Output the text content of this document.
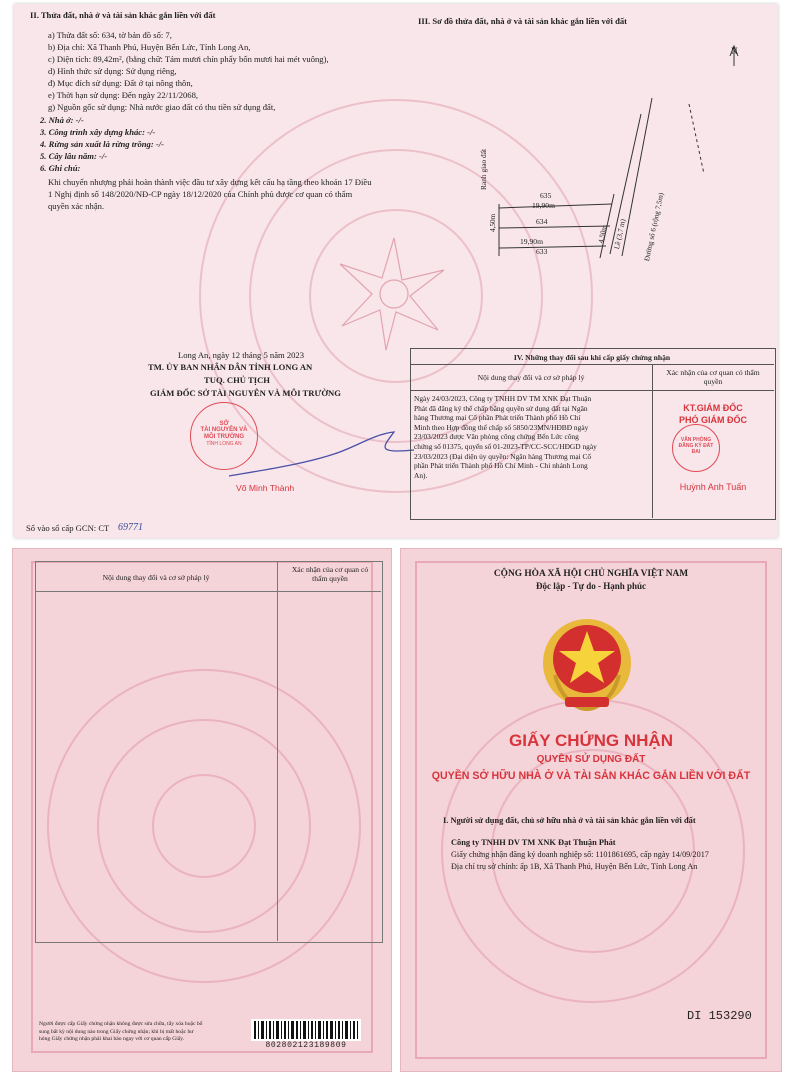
II. Thửa đất, nhà ở và tài sản khác gắn liền với đất
a) Thửa đất số: 634, tờ bản đồ số: 7,
b) Địa chỉ: Xã Thanh Phú, Huyện Bến Lức, Tỉnh Long An,
c) Diện tích: 89,42m², (bằng chữ: Tám mươi chín phẩy bốn mươi hai mét vuông),
d) Hình thức sử dụng: Sử dụng riêng,
đ) Mục đích sử dụng: Đất ở tại nông thôn,
e) Thời hạn sử dụng: Đến ngày 22/11/2068,
g) Nguồn gốc sử dụng: Nhà nước giao đất có thu tiền sử dụng đất,
2. Nhà ở: -/-
3. Công trình xây dựng khác: -/-
4. Rừng sản xuất là rừng trồng: -/-
5. Cây lâu năm: -/-
6. Ghi chú:
Khi chuyển nhượng phải hoàn thành việc đầu tư xây dựng kết cấu hạ tầng theo khoản 17 Điều
1 Nghị định số 148/2020/NĐ-CP ngày 18/12/2020 của Chính phủ được cơ quan có thẩm
quyền xác nhận.
III. Sơ đồ thửa đất, nhà ở và tài sản khác gắn liền với đất
N
Ranh giao đất
635
19,90m
634
19,90m
633
4,50m
4,50m Lề (3,7 m) Đường số 6 (rộng 7,5m)
Long An, ngày 12 tháng 5 năm 2023
TM. ỦY BAN NHÂN DÂN TỈNH LONG AN
TUQ. CHỦ TỊCH
GIÁM ĐỐC SỞ TÀI NGUYÊN VÀ MÔI TRƯỜNG
SỞ
TÀI NGUYÊN VÀ MÔI TRƯỜNG
TỈNH LONG AN
Võ Minh Thành
Số vào sổ cấp GCN: CT 69771
IV. Những thay đổi sau khi cấp giấy chứng nhận
Nội dung thay đổi và cơ sở pháp lý
Xác nhận của cơ quan có thẩm quyền
Ngày 24/03/2023, Công ty TNHH DV TM XNK Đạt Thuận
Phát đã đăng ký thế chấp bằng quyền sử dụng đất tại Ngân
hàng Thương mại Cổ phần Phát triển Thành phố Hồ Chí
Minh theo Hợp đồng thế chấp số 5850/23MN/HĐBĐ ngày
23/03/2023 được Văn phòng công chứng Bến Lức công
chứng số 01375, quyển số 01-2023-TP/CC-SCC/HĐGD ngày
23/03/2023 (Đại diện ủy quyền: Ngân hàng Thương mại Cổ
phần Phát triển Thành phố Hồ Chí Minh - Chi nhánh Long
An).
KT.GIÁM ĐỐC
PHÓ GIÁM ĐỐC
VĂN PHÒNG ĐĂNG KÝ ĐẤT ĐAI
Huỳnh Anh Tuấn
Nội dung thay đổi và cơ sở pháp lý
Xác nhận của cơ quan có thẩm quyền
Người được cấp Giấy chứng nhận không được sửa chữa, tẩy xóa hoặc bổ
sung bất kỳ nội dung nào trong Giấy chứng nhận; khi bị mất hoặc hư
hỏng Giấy chứng nhận phải khai báo ngay với cơ quan cấp Giấy.
802802123189809
CỘNG HÒA XÃ HỘI CHỦ NGHĨA VIỆT NAM
Độc lập - Tự do - Hạnh phúc
GIẤY CHỨNG NHẬN
QUYỀN SỬ DỤNG ĐẤT
QUYỀN SỞ HỮU NHÀ Ở VÀ TÀI SẢN KHÁC GẮN LIỀN VỚI ĐẤT
I. Người sử dụng đất, chủ sở hữu nhà ở và tài sản khác gắn liền với đất
Công ty TNHH DV TM XNK Đạt Thuận Phát
Giấy chứng nhận đăng ký doanh nghiệp số: 1101861695, cấp ngày 14/09/2017
Địa chỉ trụ sở chính: ấp 1B, Xã Thanh Phú, Huyện Bến Lức, Tỉnh Long An
DI 153290
